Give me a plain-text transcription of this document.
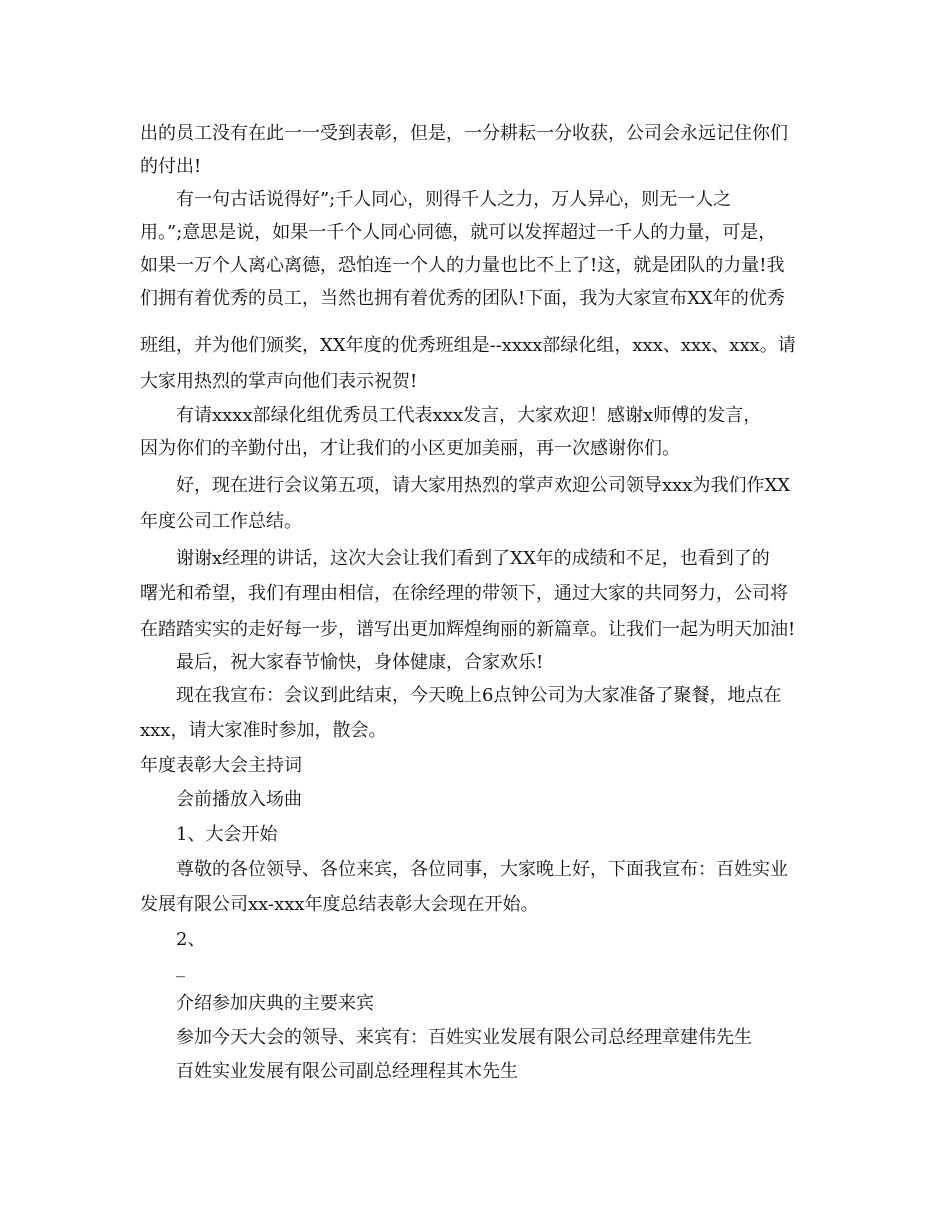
出的员工没有在此一一受到表彰，但是，一分耕耘一分收获，公司会永远记住你们
的付出!
有一句古话说得好”;千人同心，则得千人之力，万人异心，则无一人之
用。”;意思是说，如果一千个人同心同德，就可以发挥超过一千人的力量，可是，
如果一万个人离心离德，恐怕连一个人的力量也比不上了!这，就是团队的力量!我
们拥有着优秀的员工，当然也拥有着优秀的团队!下面，我为大家宣布XX年的优秀
班组，并为他们颁奖，XX年度的优秀班组是--xxxx部绿化组，xxx、xxx、xxx。请
大家用热烈的掌声向他们表示祝贺!
有请xxxx部绿化组优秀员工代表xxx发言，大家欢迎！感谢x师傅的发言，
因为你们的辛勤付出，才让我们的小区更加美丽，再一次感谢你们。
好，现在进行会议第五项，请大家用热烈的掌声欢迎公司领导xxx为我们作XX
年度公司工作总结。
谢谢x经理的讲话，这次大会让我们看到了XX年的成绩和不足，也看到了的
曙光和希望，我们有理由相信，在徐经理的带领下，通过大家的共同努力，公司将
在踏踏实实的走好每一步，谱写出更加辉煌绚丽的新篇章。让我们一起为明天加油!
最后，祝大家春节愉快，身体健康，合家欢乐!
现在我宣布：会议到此结束，今天晚上6点钟公司为大家准备了聚餐，地点在
xxx，请大家准时参加，散会。
年度表彰大会主持词
会前播放入场曲
1、大会开始
尊敬的各位领导、各位来宾，各位同事，大家晚上好，下面我宣布：百姓实业
发展有限公司xx-xxx年度总结表彰大会现在开始。
2、
_
介绍参加庆典的主要来宾
参加今天大会的领导、来宾有：百姓实业发展有限公司总经理章建伟先生
百姓实业发展有限公司副总经理程其木先生
